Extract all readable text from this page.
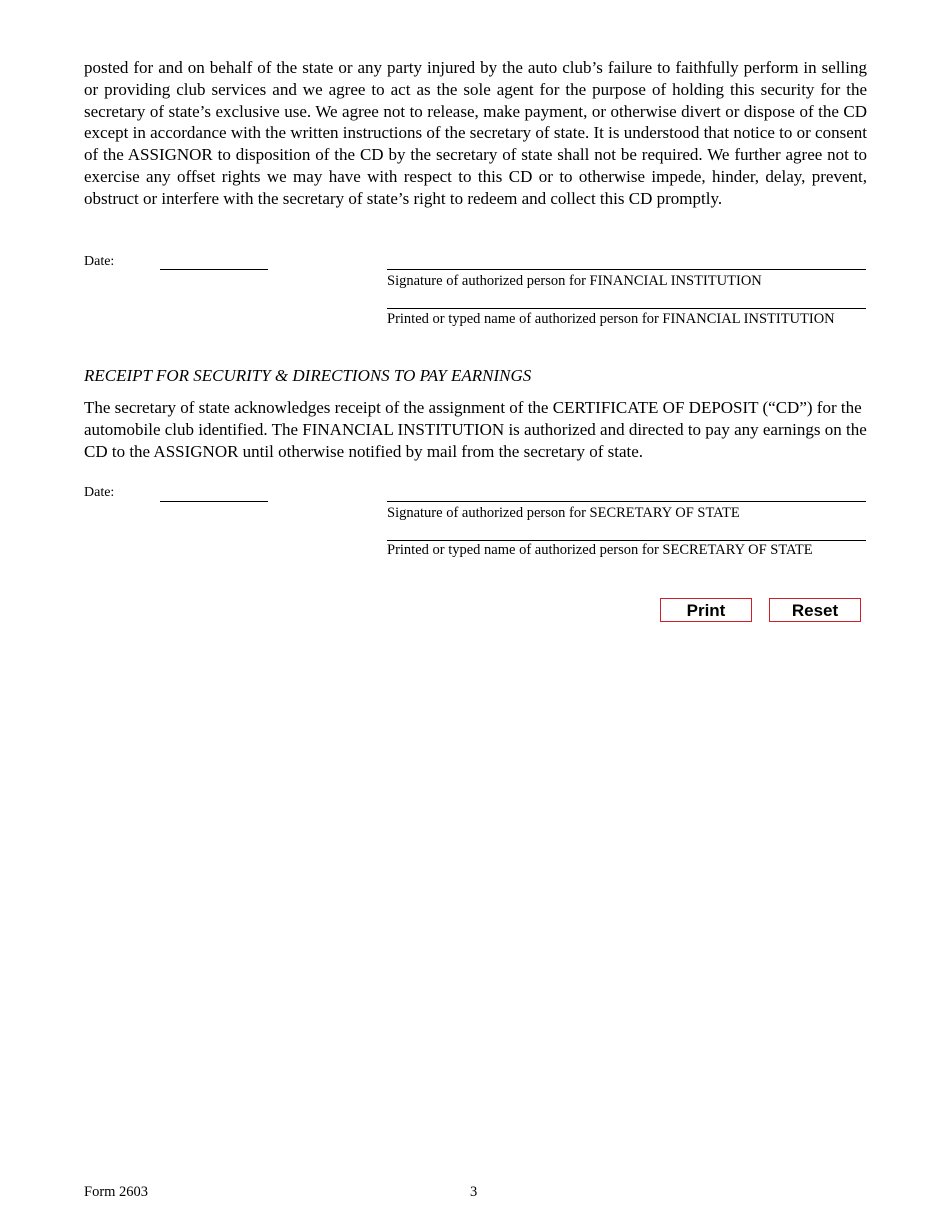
posted for and on behalf of the state or any party injured by the auto club’s failure to faithfully perform in selling or providing club services and we agree to act as the sole agent for the purpose of holding this security for the secretary of state’s exclusive use. We agree not to release, make payment, or otherwise divert or dispose of the CD except in accordance with the written instructions of the secretary of state. It is understood that notice to or consent of the ASSIGNOR to disposition of the CD by the secretary of state shall not be required. We further agree not to exercise any offset rights we may have with respect to this CD or to otherwise impede, hinder, delay, prevent, obstruct or interfere with the secretary of state’s right to redeem and collect this CD promptly.

Date:
Signature of authorized person for FINANCIAL INSTITUTION
Printed or typed name of authorized person for FINANCIAL INSTITUTION

RECEIPT FOR SECURITY & DIRECTIONS TO PAY EARNINGS

The secretary of state acknowledges receipt of the assignment of the CERTIFICATE OF DEPOSIT (“CD”) for the automobile club identified. The FINANCIAL INSTITUTION is authorized and directed to pay any earnings on the CD to the ASSIGNOR until otherwise notified by mail from the secretary of state.

Date:
Signature of authorized person for SECRETARY OF STATE
Printed or typed name of authorized person for SECRETARY OF STATE
Print	Reset
Form 2603	3
